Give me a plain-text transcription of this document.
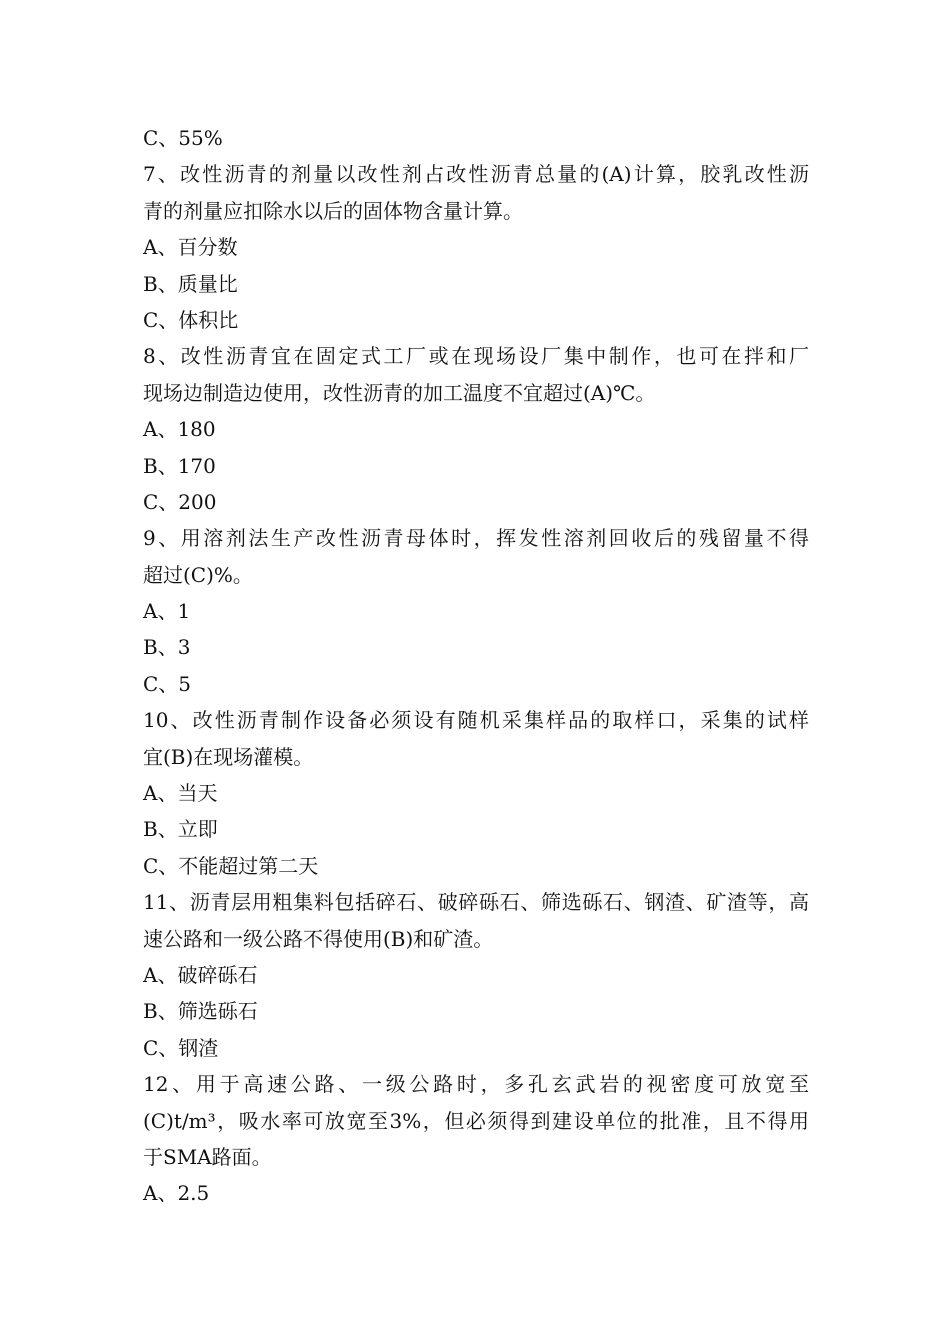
C、55%
7、改性沥青的剂量以改性剂占改性沥青总量的(A)计算，胶乳改性沥
青的剂量应扣除水以后的固体物含量计算。
A、百分数
B、质量比
C、体积比
8、改性沥青宜在固定式工厂或在现场设厂集中制作，也可在拌和厂
现场边制造边使用，改性沥青的加工温度不宜超过(A)℃。
A、180
B、170
C、200
9、用溶剂法生产改性沥青母体时，挥发性溶剂回收后的残留量不得
超过(C)%。
A、1
B、3
C、5
10、改性沥青制作设备必须设有随机采集样品的取样口，采集的试样
宜(B)在现场灌模。
A、当天
B、立即
C、不能超过第二天
11、沥青层用粗集料包括碎石、破碎砾石、筛选砾石、钢渣、矿渣等，高
速公路和一级公路不得使用(B)和矿渣。
A、破碎砾石
B、筛选砾石
C、钢渣
12、用于高速公路、一级公路时，多孔玄武岩的视密度可放宽至
(C)t/m³，吸水率可放宽至3%，但必须得到建设单位的批准，且不得用
于SMA路面。
A、2.5
